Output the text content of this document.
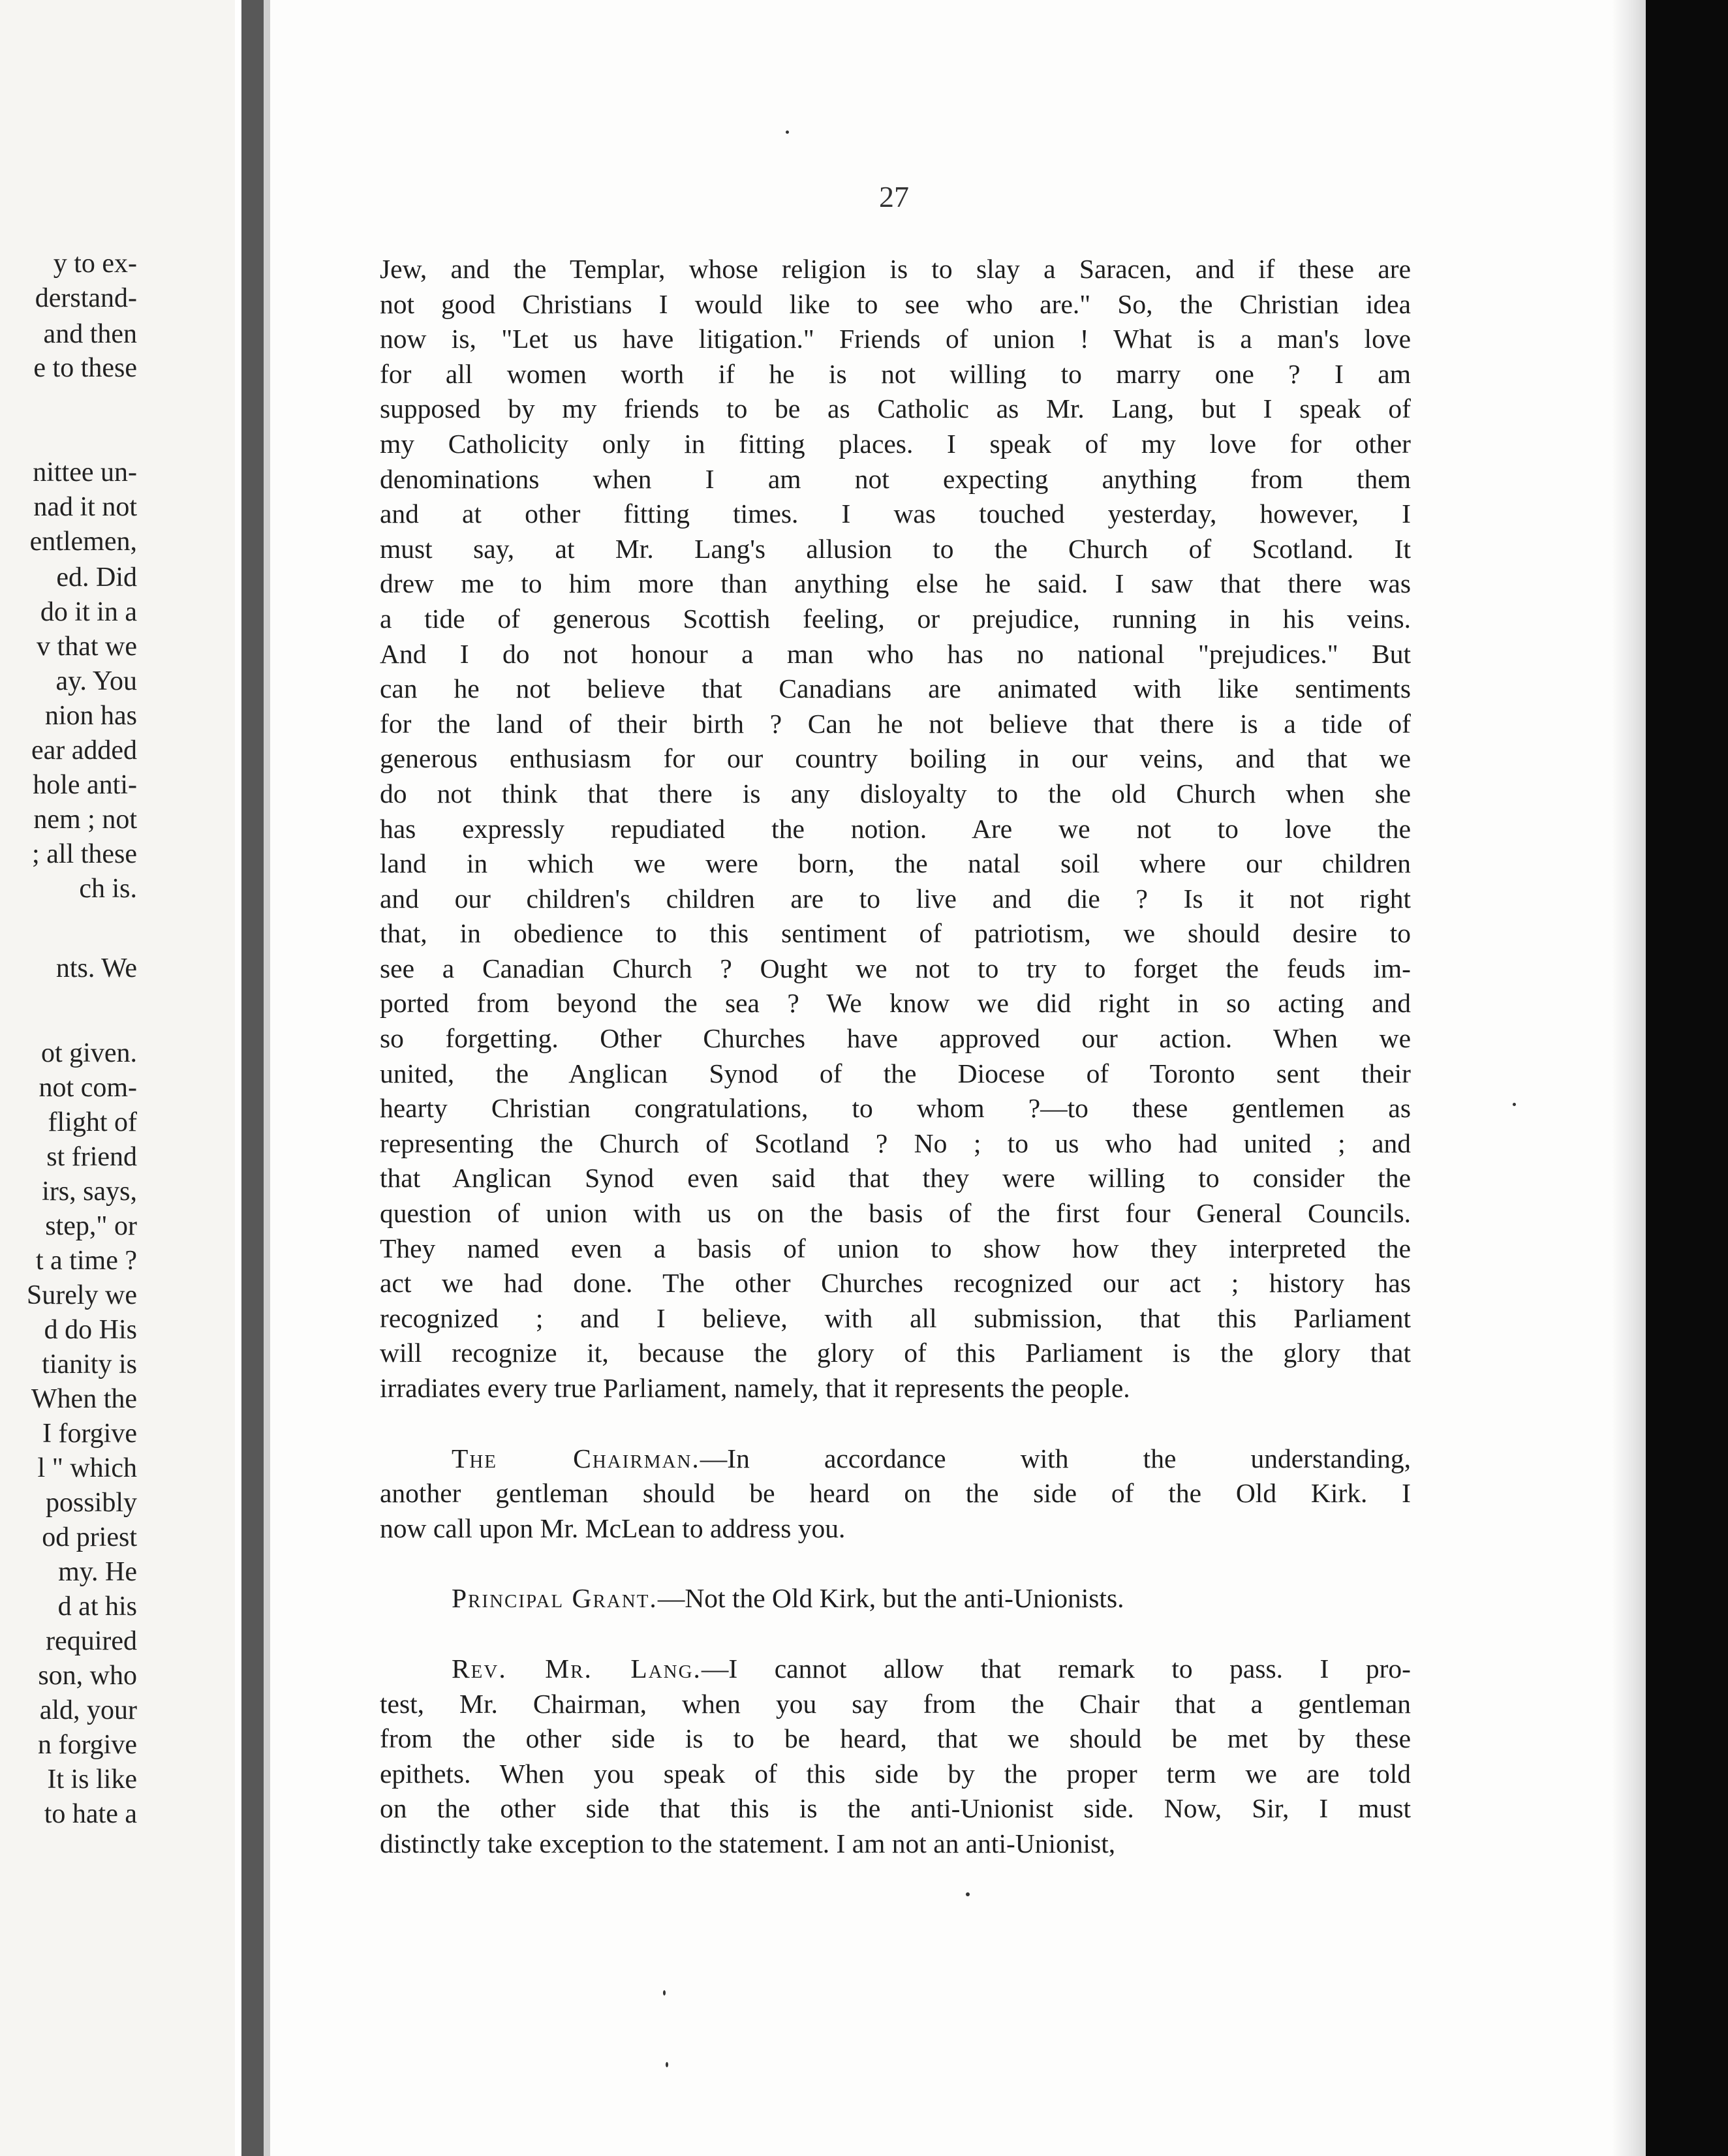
y to ex-
derstand-
and then
e to these
nittee un-
nad it not
entlemen,
ed. Did
do it in a
v that we
ay. You
nion has
ear added
hole anti-
nem ; not
; all these
ch is.
nts. We
ot given.
not com-
flight of
st friend
irs, says,
step," or
t a time ?
Surely we
d do His
tianity is
When the
I forgive
l " which
possibly
od priest
my. He
d at his
required
son, who
ald, your
n forgive
It is like
to hate a
27
Jew, and the Templar, whose religion is to slay a Saracen, and if these are
not good Christians I would like to see who are." So, the Christian idea
now is, "Let us have litigation." Friends of union ! What is a man's love
for all women worth if he is not willing to marry one ? I am
supposed by my friends to be as Catholic as Mr. Lang, but I speak of
my Catholicity only in fitting places. I speak of my love for other
denominations when I am not expecting anything from them
and at other fitting times. I was touched yesterday, however, I
must say, at Mr. Lang's allusion to the Church of Scotland. It
drew me to him more than anything else he said. I saw that there was
a tide of generous Scottish feeling, or prejudice, running in his veins.
And I do not honour a man who has no national "prejudices." But
can he not believe that Canadians are animated with like sentiments
for the land of their birth ? Can he not believe that there is a tide of
generous enthusiasm for our country boiling in our veins, and that we
do not think that there is any disloyalty to the old Church when she
has expressly repudiated the notion. Are we not to love the
land in which we were born, the natal soil where our children
and our children's children are to live and die ? Is it not right
that, in obedience to this sentiment of patriotism, we should desire to
see a Canadian Church ? Ought we not to try to forget the feuds im-
ported from beyond the sea ? We know we did right in so acting and
so forgetting. Other Churches have approved our action. When we
united, the Anglican Synod of the Diocese of Toronto sent their
hearty Christian congratulations, to whom ?—to these gentlemen as
representing the Church of Scotland ? No ; to us who had united ; and
that Anglican Synod even said that they were willing to consider the
question of union with us on the basis of the first four General Councils.
They named even a basis of union to show how they interpreted the
act we had done. The other Churches recognized our act ; history has
recognized ; and I believe, with all submission, that this Parliament
will recognize it, because the glory of this Parliament is the glory that
irradiates every true Parliament, namely, that it represents the people.
The Chairman.—In accordance with the understanding,
another gentleman should be heard on the side of the Old Kirk. I
now call upon Mr. McLean to address you.
Principal Grant.—Not the Old Kirk, but the anti-Unionists.
Rev. Mr. Lang.—I cannot allow that remark to pass. I pro-
test, Mr. Chairman, when you say from the Chair that a gentleman
from the other side is to be heard, that we should be met by these
epithets. When you speak of this side by the proper term we are told
on the other side that this is the anti-Unionist side. Now, Sir, I must
distinctly take exception to the statement. I am not an anti-Unionist,
